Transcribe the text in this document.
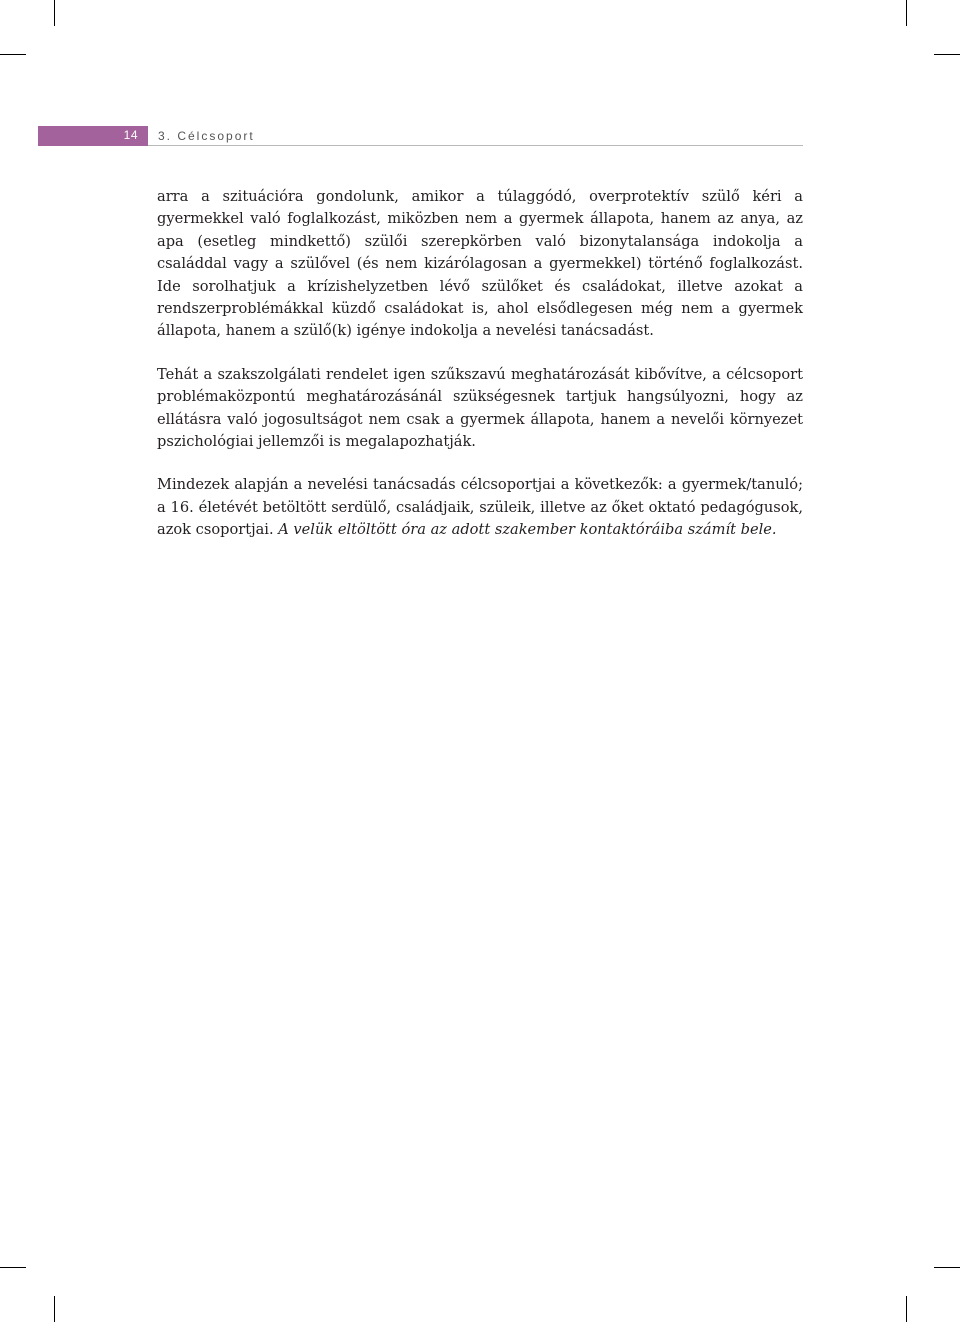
14 3. Célcsoport

arra a szituációra gondolunk, amikor a túlaggódó, overprotektív szülő kéri a gyermekkel való foglalkozást, miközben nem a gyermek állapota, hanem az anya, az apa (esetleg mindkettő) szülői szerepkörben való bizonytalansága indokolja a családdal vagy a szülővel (és nem kizárólagosan a gyermekkel) történő foglalkozást. Ide sorolhatjuk a krízishelyzetben lévő szülőket és családokat, illetve azokat a rendszerproblémákkal küzdő családokat is, ahol elsődlegesen még nem a gyermek állapota, hanem a szülő(k) igénye indokolja a nevelési tanácsadást.

Tehát a szakszolgálati rendelet igen szűkszavú meghatározását kibővítve, a célcsoport problémaközpontú meghatározásánál szükségesnek tartjuk hangsúlyozni, hogy az ellátásra való jogosultságot nem csak a gyermek állapota, hanem a nevelői környezet pszichológiai jellemzői is megalapozhatják.

Mindezek alapján a nevelési tanácsadás célcsoportjai a következők: a gyermek/tanuló; a 16. életévét betöltött serdülő, családjaik, szüleik, illetve az őket oktató pedagógusok, azok csoportjai. A velük eltöltött óra az adott szakember kontaktóráiba számít bele.
